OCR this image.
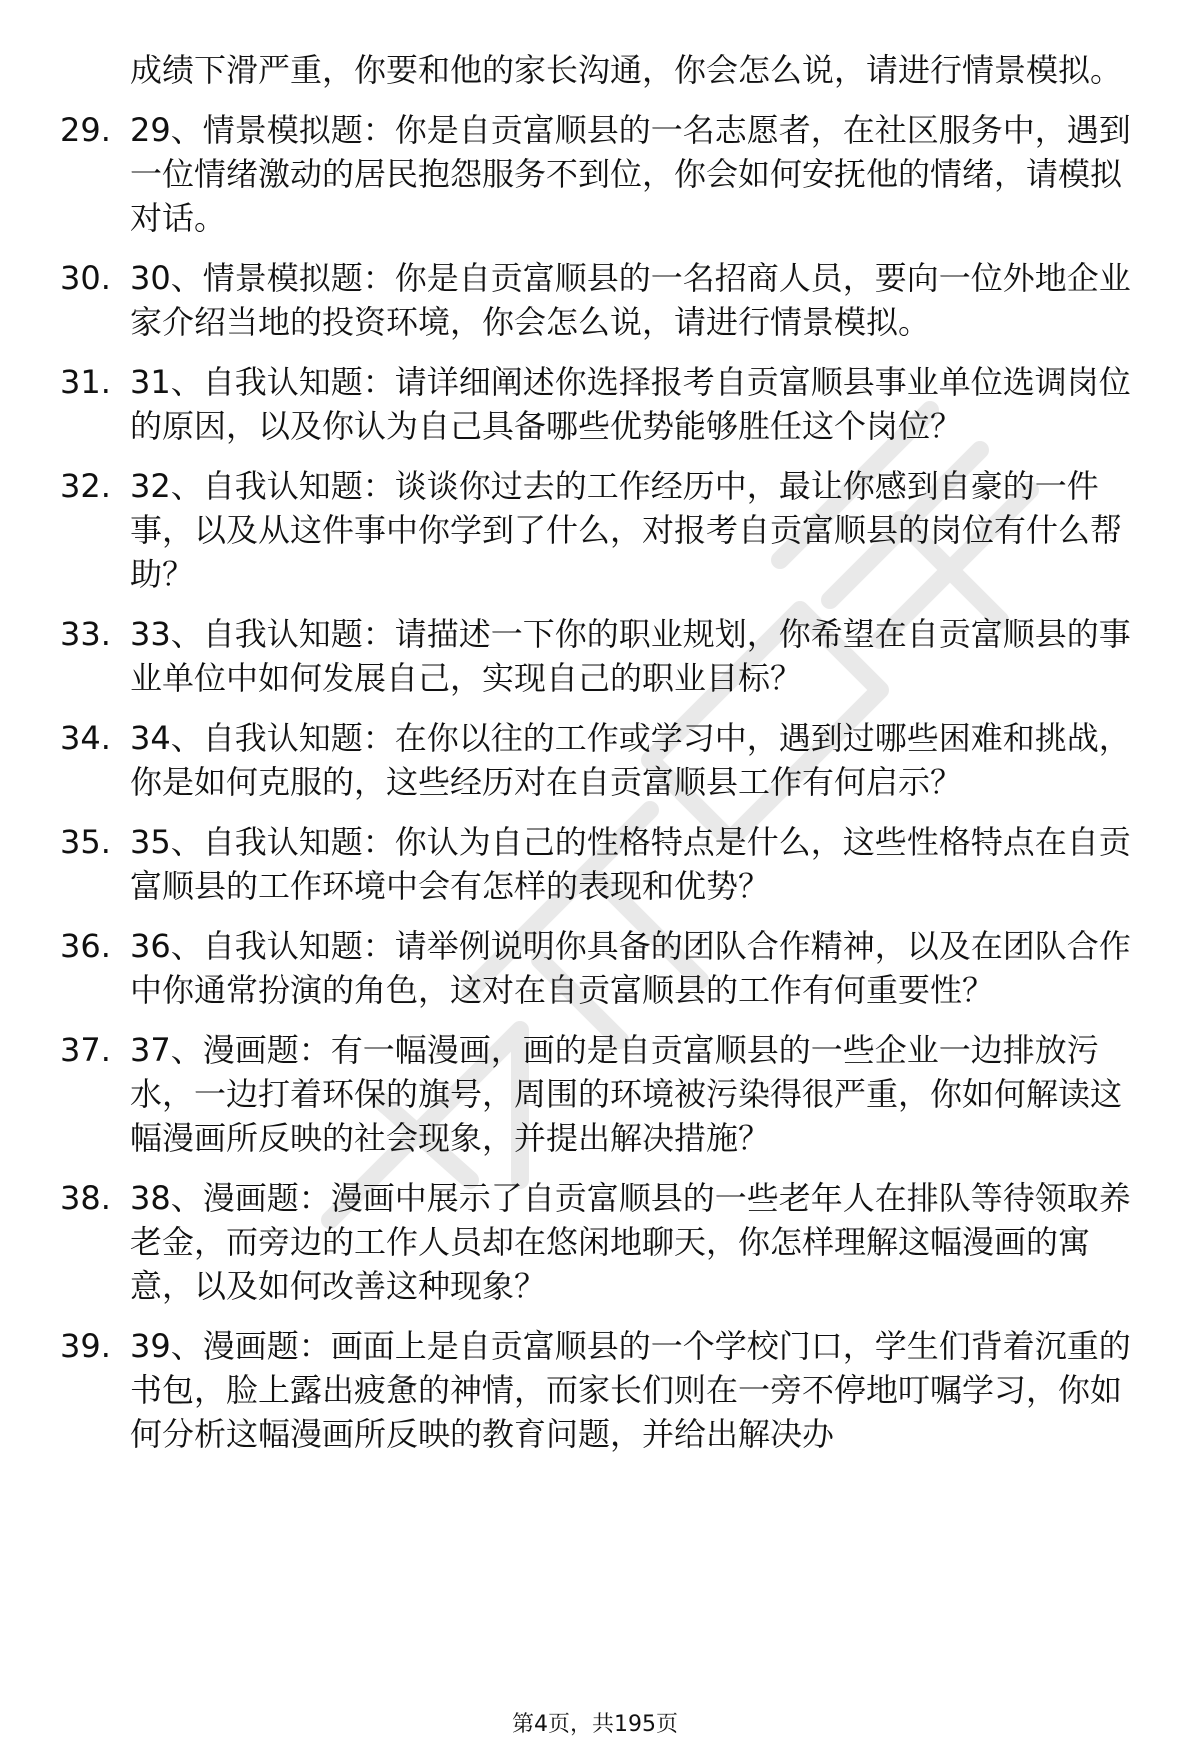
成绩下滑严重，你要和他的家长沟通，你会怎么说，请进行情景模拟。
29. 29、情景模拟题：你是自贡富顺县的一名志愿者，在社区服务中，遇到一位情绪激动的居民抱怨服务不到位，你会如何安抚他的情绪，请模拟对话。
30. 30、情景模拟题：你是自贡富顺县的一名招商人员，要向一位外地企业家介绍当地的投资环境，你会怎么说，请进行情景模拟。
31. 31、自我认知题：请详细阐述你选择报考自贡富顺县事业单位选调岗位的原因，以及你认为自己具备哪些优势能够胜任这个岗位？
32. 32、自我认知题：谈谈你过去的工作经历中，最让你感到自豪的一件事，以及从这件事中你学到了什么，对报考自贡富顺县的岗位有什么帮助？
33. 33、自我认知题：请描述一下你的职业规划，你希望在自贡富顺县的事业单位中如何发展自己，实现自己的职业目标？
34. 34、自我认知题：在你以往的工作或学习中，遇到过哪些困难和挑战，你是如何克服的，这些经历对在自贡富顺县工作有何启示？
35. 35、自我认知题：你认为自己的性格特点是什么，这些性格特点在自贡富顺县的工作环境中会有怎样的表现和优势？
36. 36、自我认知题：请举例说明你具备的团队合作精神，以及在团队合作中你通常扮演的角色，这对在自贡富顺县的工作有何重要性？
37. 37、漫画题：有一幅漫画，画的是自贡富顺县的一些企业一边排放污水，一边打着环保的旗号，周围的环境被污染得很严重，你如何解读这幅漫画所反映的社会现象，并提出解决措施？
38. 38、漫画题：漫画中展示了自贡富顺县的一些老年人在排队等待领取养老金，而旁边的工作人员却在悠闲地聊天，你怎样理解这幅漫画的寓意，以及如何改善这种现象？
39. 39、漫画题：画面上是自贡富顺县的一个学校门口，学生们背着沉重的书包，脸上露出疲惫的神情，而家长们则在一旁不停地叮嘱学习，你如何分析这幅漫画所反映的教育问题，并给出解决办
第4页，共195页
